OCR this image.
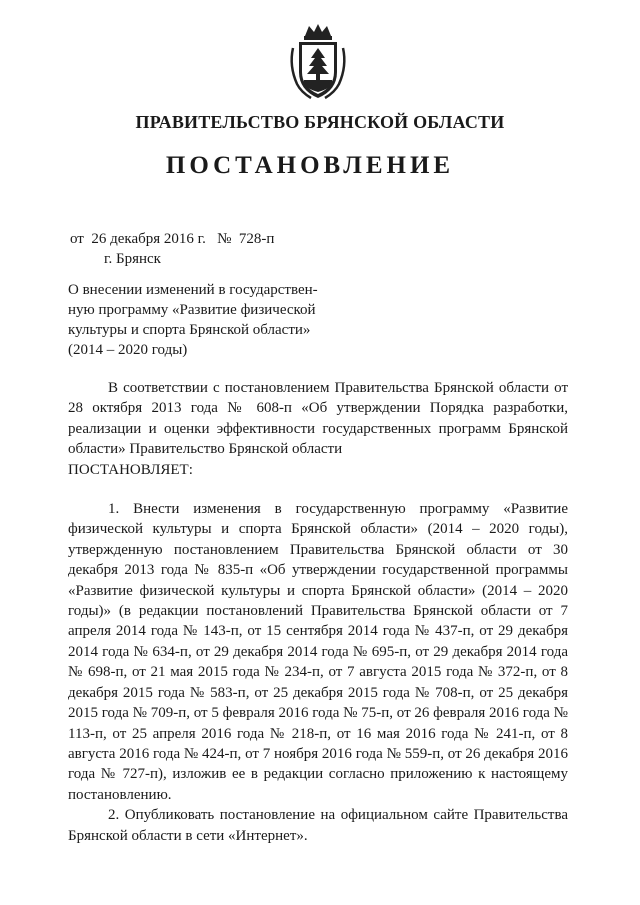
ПРАВИТЕЛЬСТВО БРЯНСКОЙ ОБЛАСТИ
ПОСТАНОВЛЕНИЕ
от  26 декабря 2016 г.   №  728-п
г. Брянск
О внесении изменений в государствен-
ную программу «Развитие физической
культуры и спорта Брянской области»
(2014 – 2020 годы)

В соответствии с постановлением Правительства Брянской области от 28 октября 2013 года № 608-п «Об утверждении Порядка разработки, реализации и оценки эффективности государственных программ Брянской области» Правительство Брянской области

ПОСТАНОВЛЯЕТ:

1. Внести изменения в государственную программу «Развитие физической культуры и спорта Брянской области» (2014 – 2020 годы), утвержденную постановлением Правительства Брянской области от 30 декабря 2013 года № 835-п «Об утверждении государственной программы «Развитие физической культуры и спорта Брянской области» (2014 – 2020 годы)» (в редакции постановлений Правительства Брянской области от 7 апреля 2014 года № 143-п, от 15 сентября 2014 года № 437-п, от 29 декабря 2014 года № 634-п, от 29 декабря 2014 года № 695-п, от 29 декабря 2014 года № 698-п, от 21 мая 2015 года № 234-п, от 7 августа 2015 года № 372-п, от 8 декабря 2015 года № 583-п, от 25 декабря 2015 года № 708-п, от 25 декабря 2015 года № 709-п, от 5 февраля 2016 года № 75-п, от 26 февраля 2016 года № 113-п, от 25 апреля 2016 года № 218-п, от 16 мая 2016 года № 241-п, от 8 августа 2016 года № 424-п, от 7 ноября 2016 года № 559-п, от 26 декабря 2016 года № 727-п), изложив ее в редакции согласно приложению к настоящему постановлению.

2. Опубликовать постановление на официальном сайте Правительства Брянской области в сети «Интернет».
